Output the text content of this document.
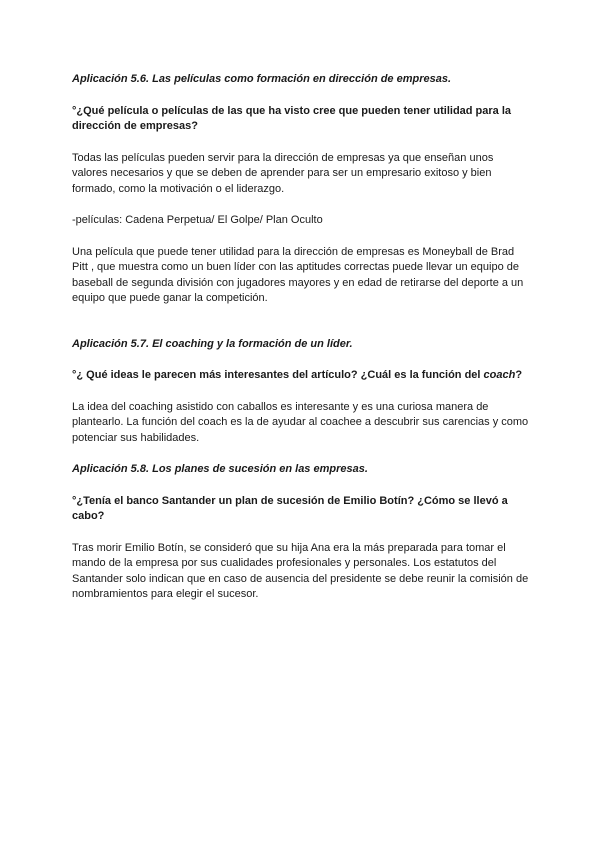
Aplicación 5.6. Las películas como formación en dirección de empresas.

°¿Qué película o películas de las que ha visto cree que pueden tener utilidad para la dirección de empresas?

Todas las películas pueden servir para la dirección de empresas ya que enseñan unos valores necesarios y que se deben de aprender para ser un empresario exitoso y bien formado, como la motivación o el liderazgo.

-películas: Cadena Perpetua/ El Golpe/ Plan Oculto

Una película que puede tener utilidad para la dirección de empresas es Moneyball de Brad Pitt , que muestra como un buen líder con las aptitudes correctas puede llevar un equipo de baseball de segunda división con jugadores mayores y en edad de retirarse del deporte a un equipo que puede ganar la competición.

Aplicación 5.7. El coaching y la formación de un líder.

°¿ Qué ideas le parecen más interesantes del artículo? ¿Cuál es la función del coach?

La idea del coaching asistido con caballos es interesante y es una curiosa manera de plantearlo. La función del coach es la de ayudar al coachee a descubrir sus carencias y como potenciar sus habilidades.

Aplicación 5.8. Los planes de sucesión en las empresas.

°¿Tenía el banco Santander un plan de sucesión de Emilio Botín? ¿Cómo se llevó a cabo?

Tras morir Emilio Botín, se consideró que su hija Ana era la más preparada para tomar el mando de la empresa por sus cualidades profesionales y personales. Los estatutos del Santander solo indican que en caso de ausencia del presidente se debe reunir la comisión de nombramientos para elegir el sucesor.
